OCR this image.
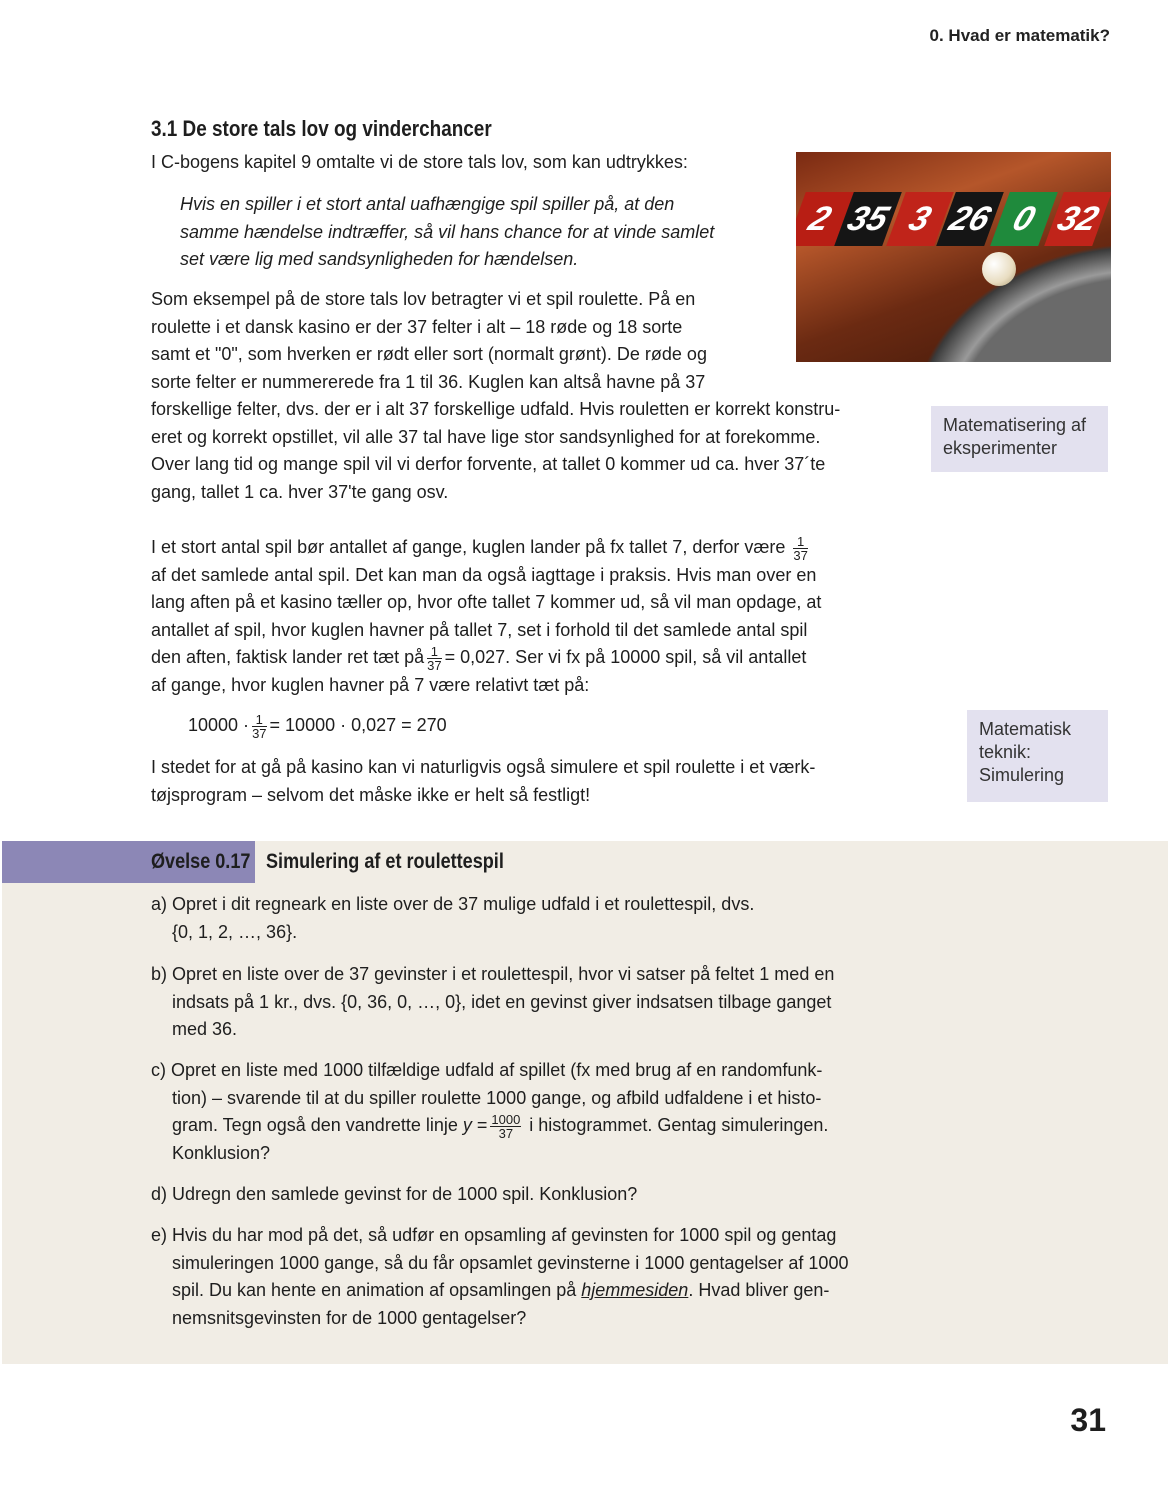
0. Hvad er matematik?
3.1 De store tals lov og vinderchancer
I C-bogens kapitel 9 omtalte vi de store tals lov, som kan udtrykkes:
Hvis en spiller i et stort antal uafhængige spil spiller på, at den
samme hændelse indtræffer, så vil hans chance for at vinde samlet
set være lig med sandsynligheden for hændelsen.
Som eksempel på de store tals lov betragter vi et spil roulette. På en
roulette i et dansk kasino er der 37 felter i alt – 18 røde og 18 sorte
samt et "0", som hverken er rødt eller sort (normalt grønt). De røde og
sorte felter er nummererede fra 1 til 36. Kuglen kan altså havne på 37
forskellige felter, dvs. der er i alt 37 forskellige udfald. Hvis rouletten er korrekt konstru-
eret og korrekt opstillet, vil alle 37 tal have lige stor sandsynlighed for at forekomme.
Over lang tid og mange spil vil vi derfor forvente, at tallet 0 kommer ud ca. hver 37´te
gang, tallet 1 ca. hver 37'te gang osv.
I et stort antal spil bør antallet af gange, kuglen lander på fx tallet 7, derfor være $\frac{1}{37}$
af det samlede antal spil. Det kan man da også iagttage i praksis. Hvis man over en
lang aften på et kasino tæller op, hvor ofte tallet 7 kommer ud, så vil man opdage, at
antallet af spil, hvor kuglen havner på tallet 7, set i forhold til det samlede antal spil
den aften, faktisk lander ret tæt på $\frac{1}{37} = 0,027$. Ser vi fx på 10000 spil, så vil antallet
af gange, hvor kuglen havner på 7 være relativt tæt på:
$10000 \cdot \frac{1}{37} = 10000 \cdot 0,027 = 270$
I stedet for at gå på kasino kan vi naturligvis også simulere et spil roulette i et værk-
tøjsprogram – selvom det måske ikke er helt så festligt!
2 35 3 26 0 32
Matematisering af eksperimenter
Matematisk teknik: Simulering
Øvelse 0.17 Simulering af et roulettespil
a) Opret i dit regneark en liste over de 37 mulige udfald i et roulettespil, dvs.
{0, 1, 2, …, 36}.
b) Opret en liste over de 37 gevinster i et roulettespil, hvor vi satser på feltet 1 med en
indsats på 1 kr., dvs. {0, 36, 0, …, 0}, idet en gevinst giver indsatsen tilbage ganget
med 36.
c) Opret en liste med 1000 tilfældige udfald af spillet (fx med brug af en randomfunk-
tion) – svarende til at du spiller roulette 1000 gange, og afbild udfaldene i et histo-
gram. Tegn også den vandrette linje $y = \frac{1000}{37}$ i histogrammet. Gentag simuleringen.
Konklusion?
d) Udregn den samlede gevinst for de 1000 spil. Konklusion?
e) Hvis du har mod på det, så udfør en opsamling af gevinsten for 1000 spil og gentag
simuleringen 1000 gange, så du får opsamlet gevinsterne i 1000 gentagelser af 1000
spil. Du kan hente en animation af opsamlingen på hjemmesiden. Hvad bliver gen-
nemsnitsgevinsten for de 1000 gentagelser?
31
